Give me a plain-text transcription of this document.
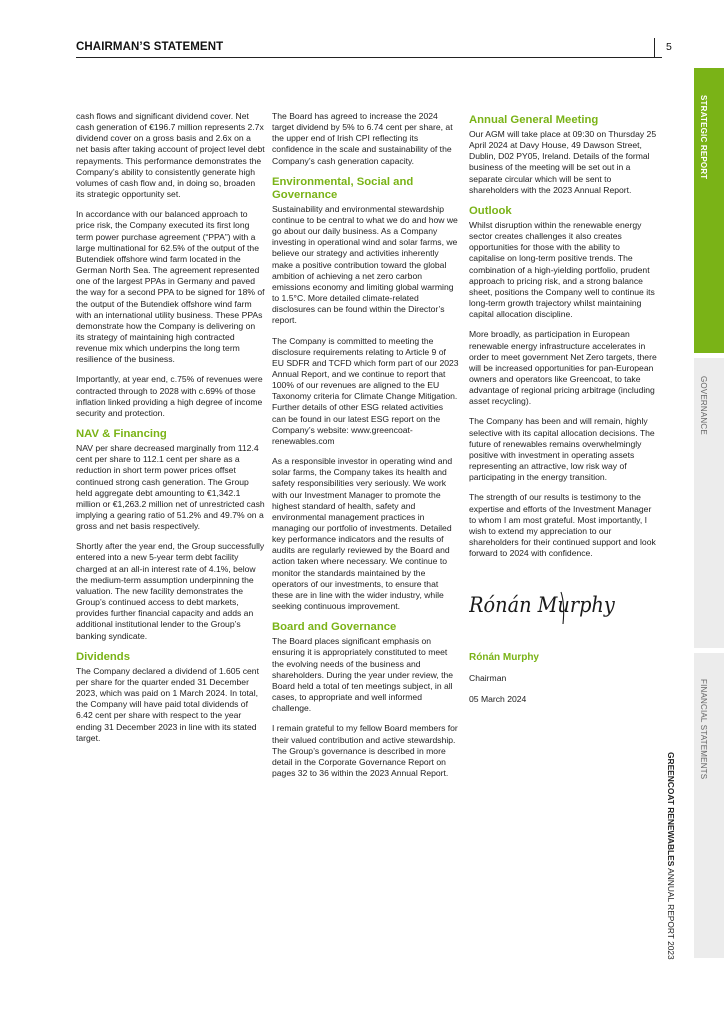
CHAIRMAN’S STATEMENT	5

cash flows and significant dividend cover. Net cash generation of €196.7 million represents 2.7x dividend cover on a gross basis and 2.6x on a net basis after taking account of project level debt repayments. This performance demonstrates the Company’s ability to consistently generate high volumes of cash flow and, in doing so, broaden its strategic opportunity set.

In accordance with our balanced approach to price risk, the Company executed its first long term power purchase agreement (“PPA”) with a large multinational for 62.5% of the output of the Butendiek offshore wind farm located in the German North Sea. The agreement represented one of the largest PPAs in Germany and paved the way for a second PPA to be signed for 18% of the output of the Butendiek offshore wind farm with an international utility business. These PPAs demonstrate how the Company is delivering on its strategy of maintaining high contracted revenue mix which underpins the long term resilience of the business.

Importantly, at year end, c.75% of revenues were contracted through to 2028 with c.69% of those inflation linked providing a high degree of income security and protection.

NAV & Financing

NAV per share decreased marginally from 112.4 cent per share to 112.1 cent per share as a reduction in short term power prices offset continued strong cash generation. The Group held aggregate debt amounting to €1,342.1 million or €1,263.2 million net of unrestricted cash implying a gearing ratio of 51.2% and 49.7% on a gross and net basis respectively.

Shortly after the year end, the Group successfully entered into a new 5-year term debt facility charged at an all-in interest rate of 4.1%, below the medium-term assumption underpinning the valuation. The new facility demonstrates the Group’s continued access to debt markets, provides further financial capacity and adds an additional institutional lender to the Group’s banking syndicate.

Dividends

The Company declared a dividend of 1.605 cent per share for the quarter ended 31 December 2023, which was paid on 1 March 2024. In total, the Company will have paid total dividends of 6.42 cent per share with respect to the year ending 31 December 2023 in line with its stated target.

The Board has agreed to increase the 2024 target dividend by 5% to 6.74 cent per share, at the upper end of Irish CPI reflecting its confidence in the scale and sustainability of the Company’s cash generation capacity.

Environmental, Social and Governance

Sustainability and environmental stewardship continue to be central to what we do and how we go about our daily business. As a Company investing in operational wind and solar farms, we believe our strategy and activities inherently make a positive contribution toward the global ambition of achieving a net zero carbon emissions economy and limiting global warming to 1.5°C. More detailed climate-related disclosures can be found within the Director’s report.

The Company is committed to meeting the disclosure requirements relating to Article 9 of EU SDFR and TCFD which form part of our 2023 Annual Report, and we continue to report that 100% of our revenues are aligned to the EU Taxonomy criteria for Climate Change Mitigation. Further details of other ESG related activities can be found in our latest ESG report on the Company’s website: www.greencoat-renewables.com

As a responsible investor in operating wind and solar farms, the Company takes its health and safety responsibilities very seriously. We work with our Investment Manager to promote the highest standard of health, safety and environmental management practices in managing our portfolio of investments. Detailed key performance indicators and the results of audits are regularly reviewed by the Board and action taken where necessary. We continue to monitor the standards maintained by the operators of our investments, to ensure that these are in line with the wider industry, while seeking continuous improvement.

Board and Governance

The Board places significant emphasis on ensuring it is appropriately constituted to meet the evolving needs of the business and shareholders. During the year under review, the Board held a total of ten meetings subject, in all cases, to appropriate and well informed challenge.

I remain grateful to my fellow Board members for their valued contribution and active stewardship. The Group’s governance is described in more detail in the Corporate Governance Report on pages 32 to 36 within the 2023 Annual Report.

Annual General Meeting

Our AGM will take place at 09:30 on Thursday 25 April 2024 at Davy House, 49 Dawson Street, Dublin, D02 PY05, Ireland. Details of the formal business of the meeting will be set out in a separate circular which will be sent to shareholders with the 2023 Annual Report.

Outlook

Whilst disruption within the renewable energy sector creates challenges it also creates opportunities for those with the ability to capitalise on long-term positive trends. The combination of a high-yielding portfolio, prudent approach to pricing risk, and a strong balance sheet, positions the Company well to continue its long-term growth trajectory whilst maintaining capital allocation discipline.

More broadly, as participation in European renewable energy infrastructure accelerates in order to meet government Net Zero targets, there will be increased opportunities for pan-European owners and operators like Greencoat, to take advantage of regional pricing arbitrage (including asset recycling).

The Company has been and will remain, highly selective with its capital allocation decisions. The future of renewables remains overwhelmingly positive with investment in operating assets representing an attractive, low risk way of participating in the energy transition.

The strength of our results is testimony to the expertise and efforts of the Investment Manager to whom I am most grateful. Most importantly, I wish to extend my appreciation to our shareholders for their continued support and look forward to 2024 with confidence.

Rónán Murphy

Rónán Murphy

Chairman

05 March 2024

STRATEGIC REPORT
GOVERNANCE
FINANCIAL STATEMENTS
GREENCOAT RENEWABLES ANNUAL REPORT 2023
